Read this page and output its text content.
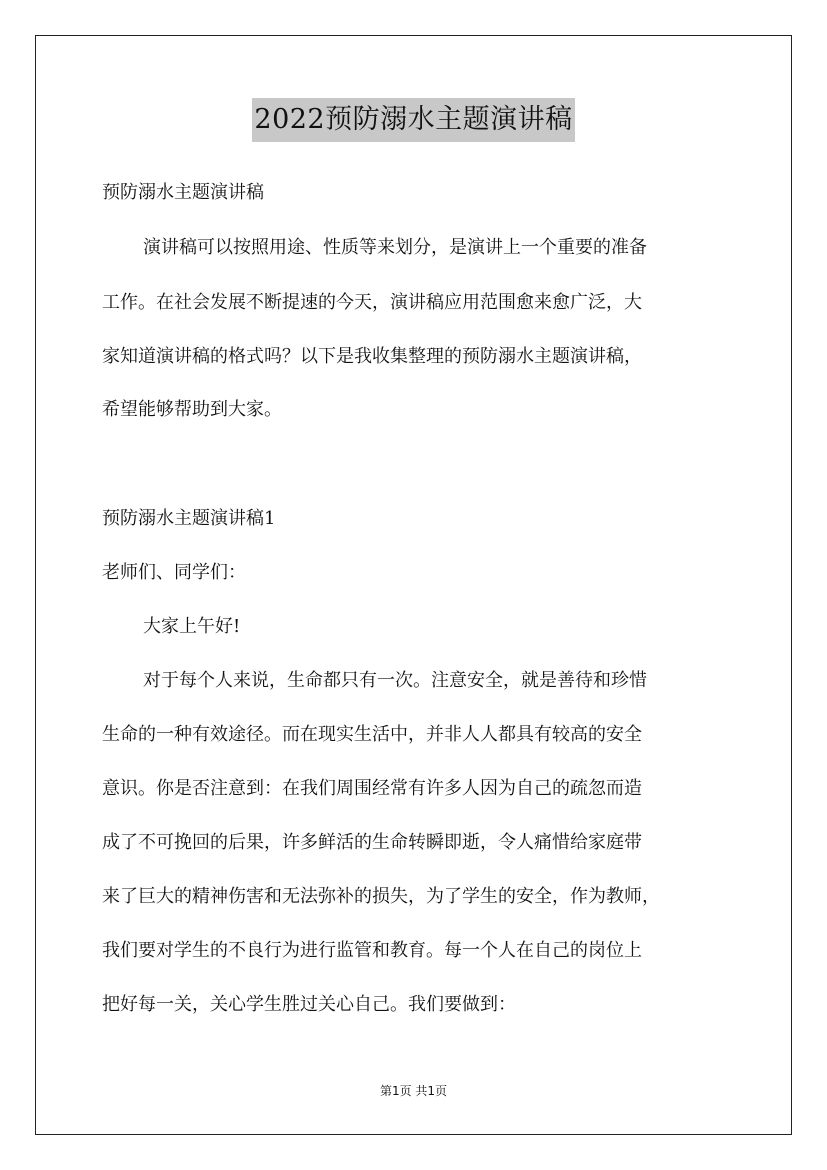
2022预防溺水主题演讲稿
预防溺水主题演讲稿
演讲稿可以按照用途、性质等来划分，是演讲上一个重要的准备
工作。在社会发展不断提速的今天，演讲稿应用范围愈来愈广泛，大
家知道演讲稿的格式吗？以下是我收集整理的预防溺水主题演讲稿，
希望能够帮助到大家。
预防溺水主题演讲稿1
老师们、同学们：
大家上午好!
对于每个人来说，生命都只有一次。注意安全，就是善待和珍惜
生命的一种有效途径。而在现实生活中，并非人人都具有较高的安全
意识。你是否注意到：在我们周围经常有许多人因为自己的疏忽而造
成了不可挽回的后果，许多鲜活的生命转瞬即逝，令人痛惜给家庭带
来了巨大的精神伤害和无法弥补的损失，为了学生的安全，作为教师，
我们要对学生的不良行为进行监管和教育。每一个人在自己的岗位上
把好每一关，关心学生胜过关心自己。我们要做到：
第1页 共1页
